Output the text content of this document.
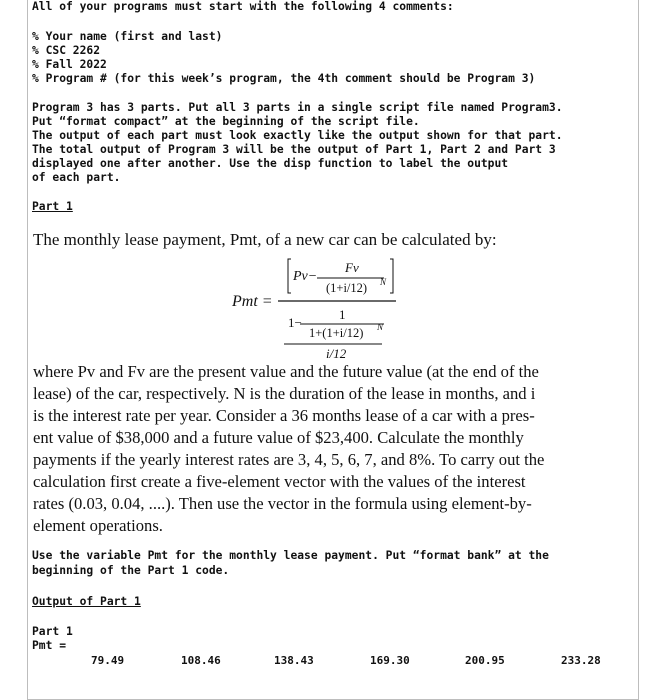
All of your programs must start with the following 4 comments:
% Your name (first and last)
% CSC 2262
% Fall 2022
% Program # (for this week’s program, the 4th comment should be Program 3)
Program 3 has 3 parts. Put all 3 parts in a single script file named Program3.
Put “format compact” at the beginning of the script file.
The output of each part must look exactly like the output shown for that part.
The total output of Program 3 will be the output of Part 1, Part 2 and Part 3
displayed one after another. Use the disp function to label the output
of each part.
Part 1
The monthly lease payment, Pmt, of a new car can be calculated by:
Pmt =
Pv−
Fv
(1+i/12) N
1−
1
1+(1+i/12) N
i/12
where Pv and Fv are the present value and the future value (at the end of the
lease) of the car, respectively. N is the duration of the lease in months, and i
is the interest rate per year. Consider a 36 months lease of a car with a pres-
ent value of $38,000 and a future value of $23,400. Calculate the monthly
payments if the yearly interest rates are 3, 4, 5, 6, 7, and 8%. To carry out the
calculation first create a five-element vector with the values of the interest
rates (0.03, 0.04, ....). Then use the vector in the formula using element-by-
element operations.
Use the variable Pmt for the monthly lease payment. Put “format bank” at the
beginning of the Part 1 code.
Output of Part 1
Part 1
Pmt =
79.49	108.46	138.43	169.30	200.95	233.28
